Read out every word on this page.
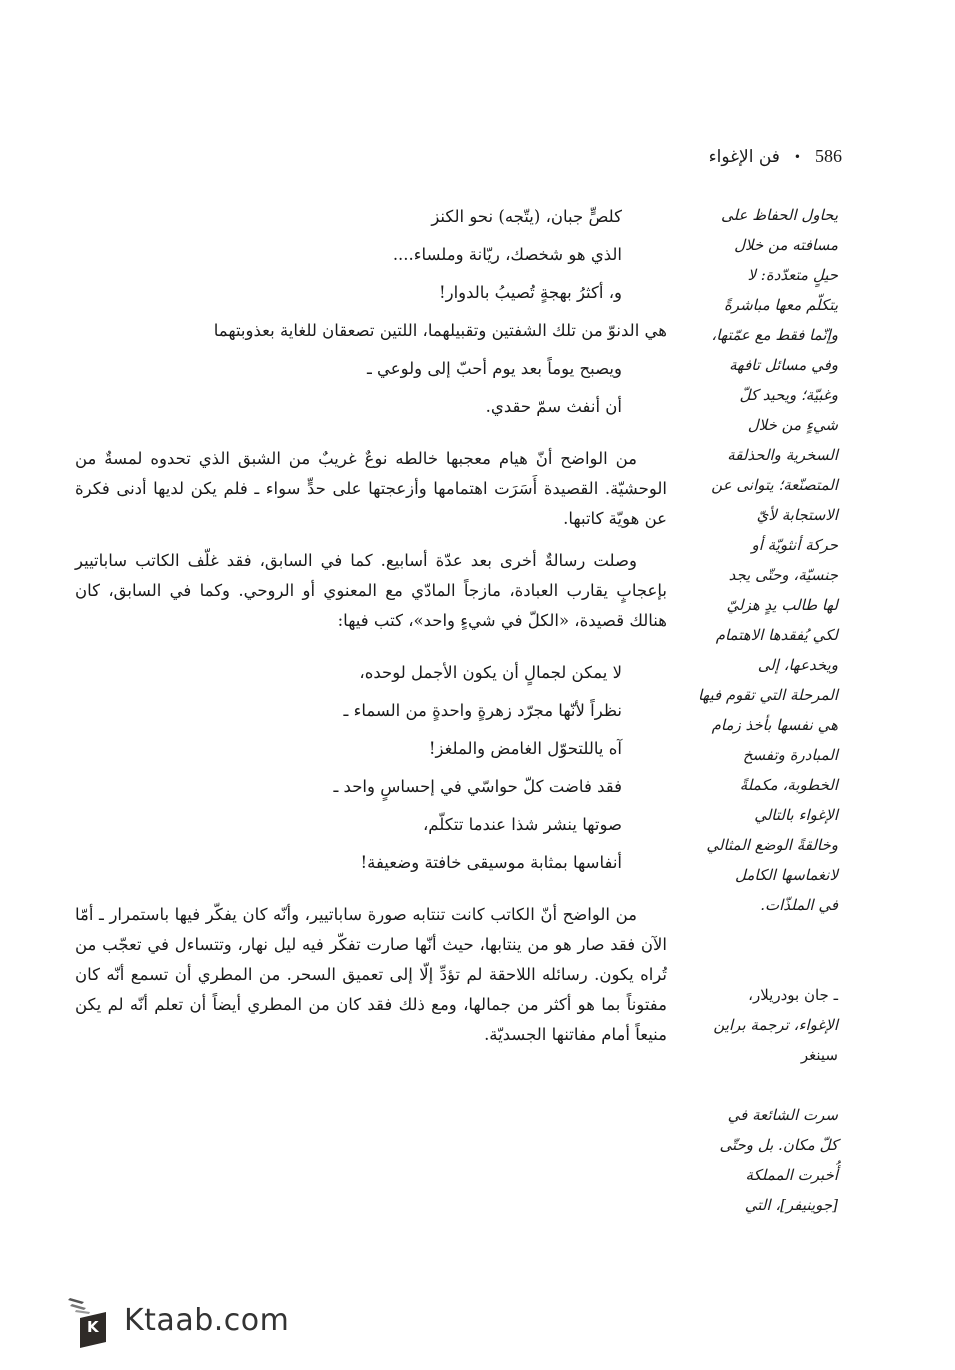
586
•
فن الإغواء
كلصٍّ جبان، (يتّجه) نحو الكنز
الذي هو شخصك، ريّانة وملساء....
و، أكثرُ بهجةٍ تُصيبُ بالدوار!
هي الدنوّ من تلك الشفتين وتقبيلهما، اللتين تصعقان للغاية بعذوبتهما
ويصبح يوماً بعد يوم أحبّ إلى ولوعي ـ
أن أنفث سمّ حقدي.

من الواضح أنّ هيام معجبها خالطه نوعٌ غريبٌ من الشبق الذي تحدوه لمسةٌ من الوحشيّة. القصيدة أَسَرَت اهتمامها وأزعجتها على حدٍّ سواء ـ فلم يكن لديها أدنى فكرة عن هويّة كاتبها.

وصلت رسالةٌ أخرى بعد عدّة أسابيع. كما في السابق، فقد غلّف الكاتب ساباتيير بإعجابٍ يقارب العبادة، مازجاً المادّي مع المعنوي أو الروحي. وكما في السابق، كان هنالك قصيدة، «الكلّ في شيءٍ واحد»، كتب فيها:

لا يمكن لجمالٍ أن يكون الأجمل لوحده،
نظراً لأنّها مجرّد زهرةٍ واحدةٍ من السماء ـ
آه ياللتحوّل الغامض والملغز!
فقد فاضت كلّ حواسّي في إحساسٍ واحد ـ
صوتها ينشر شذا عندما تتكلّم،
أنفاسها بمثابة موسيقى خافتة وضعيفة!

من الواضح أنّ الكاتب كانت تنتابه صورة ساباتيير، وأنّه كان يفكّر فيها باستمرار ـ أمّا الآن فقد صار هو من ينتابها، حيث أنّها صارت تفكّر فيه ليل نهار، وتتساءل في تعجّب من تُراه يكون. رسائله اللاحقة لم تؤدِّ إلّا إلى تعميق السحر. من المطري أن تسمع أنّه كان مفتوناً بما هو أكثر من جمالها، ومع ذلك فقد كان من المطري أيضاً أن تعلم أنّه لم يكن منيعاً أمام مفاتنها الجسديّة.

يحاول الحفاظ على
مسافته من خلال
حيلٍ متعدّدة: لا
يتكلّم معها مباشرةً
وإنّما فقط مع عمّتها،
وفي مسائل تافهة
وغبيّة؛ ويحيد كلّ
شيءٍ من خلال
السخرية والحذلقة
المتصنّعة؛ يتوانى عن
الاستجابة لأيّ
حركة أنثويّة أو
جنسيّة، وحتّى يجد
لها طالب يدٍ هزليّ
لكي يُفقدها الاهتمام
ويخدعها، إلى
المرحلة التي تقوم فيها
هي نفسها بأخذ زمام
المبادرة وتفسخ
الخطوبة، مكملةً
الإغواء بالتالي
وخالقةً الوضع المثالي
لانغماسها الكامل
في الملذّات.
ـ جان بودريلار،
الإغواء، ترجمة براين
سينغر
سرت الشائعة في
كلّ مكان. بل وحتّى
أُخبرت المملكة
[جوينيفر]، التي
K Ktaab.com
